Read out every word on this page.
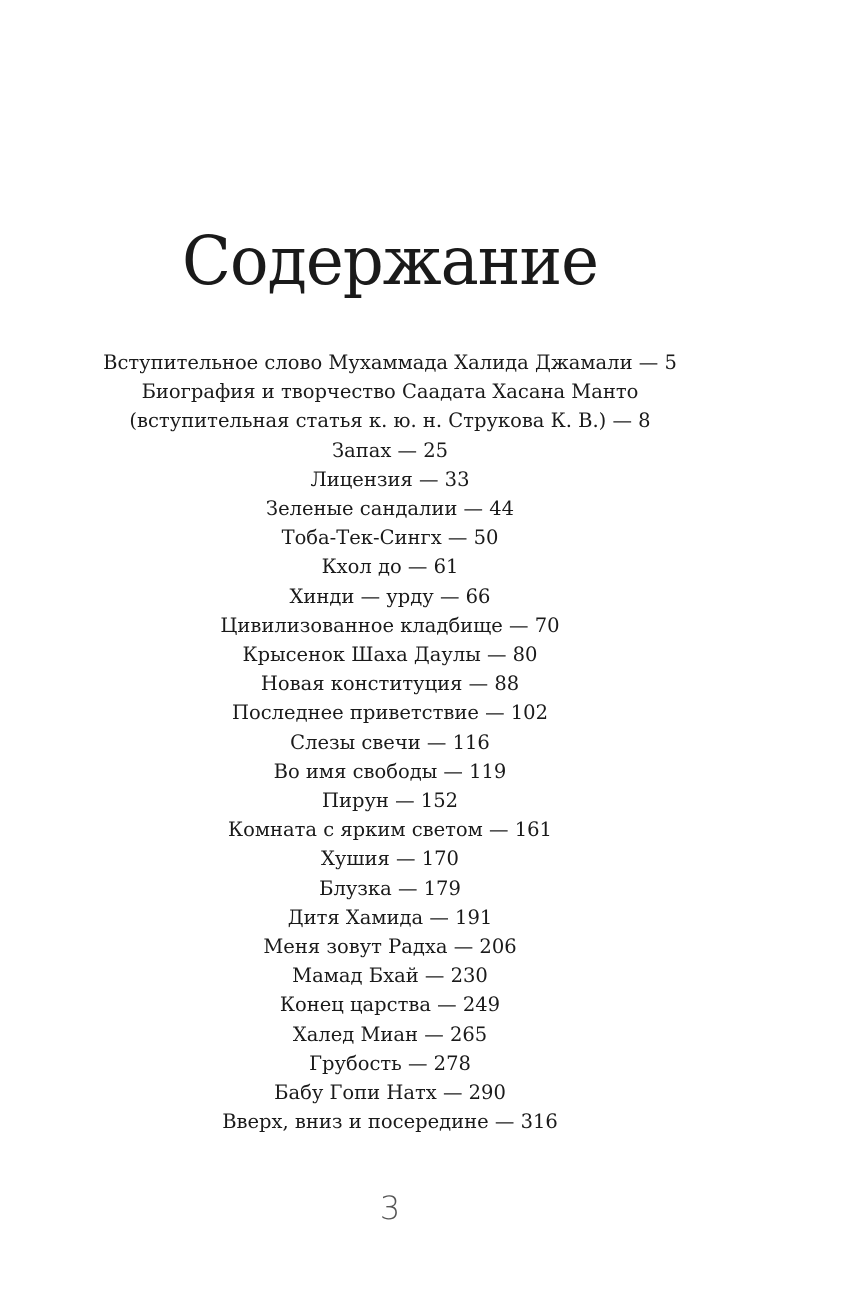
Содержание
Вступительное слово Мухаммада Халида Джамали — 5
Биография и творчество Саадата Хасана Манто
(вступительная статья к. ю. н. Струкова К. В.) — 8
Запах — 25
Лицензия — 33
Зеленые сандалии — 44
Тоба-Тек-Сингх — 50
Кхол до — 61
Хинди — урду — 66
Цивилизованное кладбище — 70
Крысенок Шаха Даулы — 80
Новая конституция — 88
Последнее приветствие — 102
Слезы свечи — 116
Во имя свободы — 119
Пирун — 152
Комната с ярким светом — 161
Хушия — 170
Блузка — 179
Дитя Хамида — 191
Меня зовут Радха — 206
Мамад Бхай — 230
Конец царства — 249
Халед Миан — 265
Грубость — 278
Бабу Гопи Натх — 290
Вверх, вниз и посередине — 316
3
